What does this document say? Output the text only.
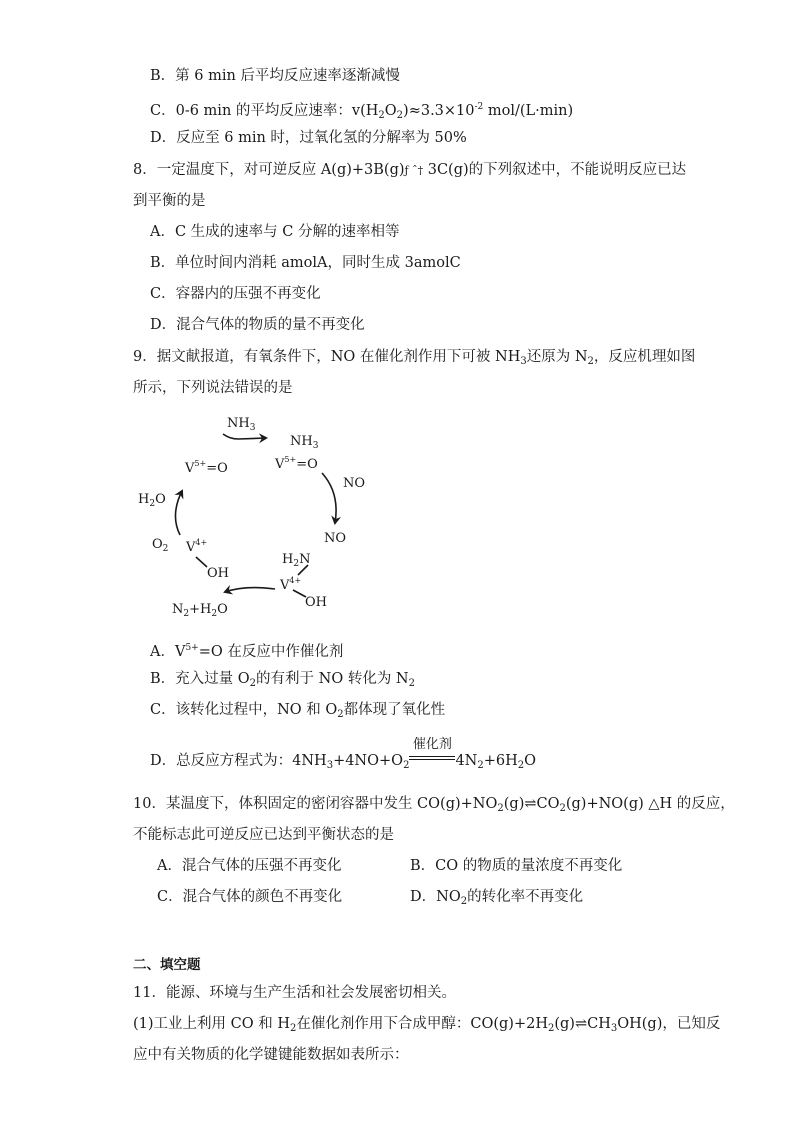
B．第 6 min 后平均反应速率逐渐减慢
C．0-6 min 的平均反应速率：$v(H_2O_2)\approx 3.3\times 10^{-2}$ mol/(L·min)
D．反应至 6 min 时，过氧化氢的分解率为 50%
8．一定温度下，对可逆反应 A(g)+3B(g)ƒ ˆ† 3C(g)的下列叙述中，不能说明反应已达
到平衡的是
A．C 生成的速率与 C 分解的速率相等
B．单位时间内消耗 amolA，同时生成 3amolC
C．容器内的压强不再变化
D．混合气体的物质的量不再变化
9．据文献报道，有氧条件下，NO 在催化剂作用下可被 $NH_3$还原为 $N_2$，反应机理如图
所示，下列说法错误的是
$NH_3$
$NH_3$
$V^{5+}=O$	$V^{5+}=O$
NO
$H_2O$
NO
$O_2$ $V^{4+}$
$H_2N$
OH
$V^{4+}$
OH
$N_2+H_2O$
A．$V^{5+}=O$ 在反应中作催化剂
B．充入过量 $O_2$的有利于 NO 转化为 $N_2$
C．该转化过程中，NO 和 $O_2$都体现了氧化性
D．总反应方程式为：$4NH_3+4NO+O_2$
催化剂
$4N_2+6H_2O$
10．某温度下，体积固定的密闭容器中发生 $CO(g)+NO_2(g)\rightleftharpoons CO_2(g)+NO(g)$ △H 的反应，
不能标志此可逆反应已达到平衡状态的是
A．混合气体的压强不再变化	B．CO 的物质的量浓度不再变化
C．混合气体的颜色不再变化	D．$NO_2$的转化率不再变化
二、填空题
11．能源、环境与生产生活和社会发展密切相关。
(1)工业上利用 CO 和 $H_2$在催化剂作用下合成甲醇：$CO(g)+2H_2(g)\rightleftharpoons CH_3OH(g)$，已知反
应中有关物质的化学键键能数据如表所示：
